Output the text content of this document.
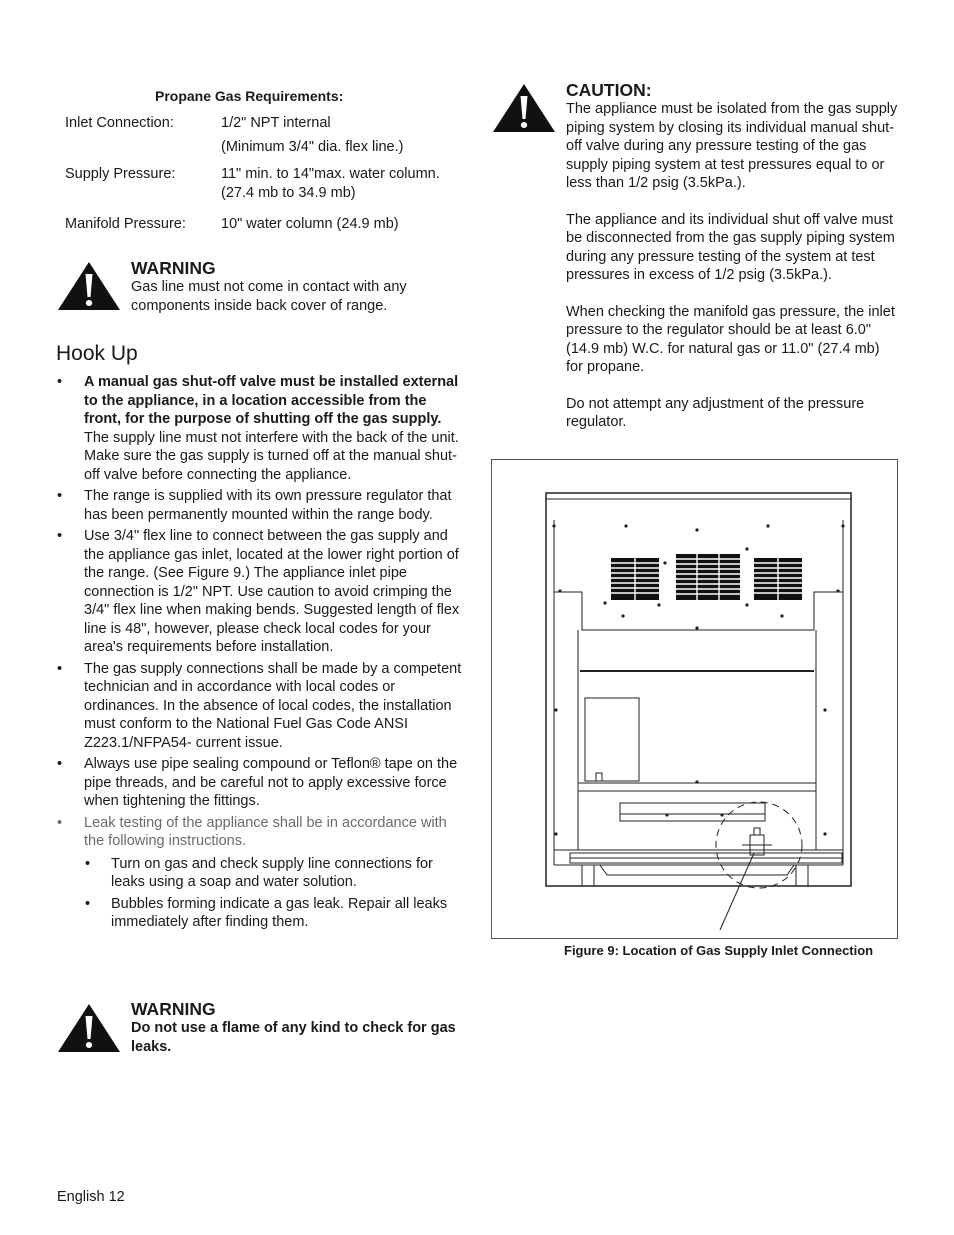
Propane Gas Requirements:

Inlet Connection:	1/2" NPT internal
(Minimum 3/4" dia. flex line.)

Supply Pressure:	11" min. to 14"max. water column.
(27.4 mb to 34.9 mb)

Manifold Pressure:	10" water column (24.9 mb)

WARNING

Gas line must not come in contact with any components inside back cover of range.

Hook Up
• A manual gas shut-off valve must be installed external to the appliance, in a location accessible from the front, for the purpose of shutting off the gas supply. The supply line must not interfere with the back of the unit. Make sure the gas supply is turned off at the manual shut-off valve before connecting the appliance.
• The range is supplied with its own pressure regulator that has been permanently mounted within the range body.
• Use 3/4" flex line to connect between the gas supply and the appliance gas inlet, located at the lower right portion of the range. (See Figure 9.) The appliance inlet pipe connection is 1/2" NPT. Use caution to avoid crimping the 3/4" flex line when making bends. Suggested length of flex line is 48", however, please check local codes for your area's requirements before installation.
• The gas supply connections shall be made by a competent technician and in accordance with local codes or ordinances. In the absence of local codes, the installation must conform to the National Fuel Gas Code ANSI Z223.1/NFPA54- current issue.
• Always use pipe sealing compound or Teflon® tape on the pipe threads, and be careful not to apply excessive force when tightening the fittings.
• Leak testing of the appliance shall be in accordance with the following instructions.
• Turn on gas and check supply line connections for leaks using a soap and water solution.
• Bubbles forming indicate a gas leak. Repair all leaks immediately after finding them.

WARNING

Do not use a flame of any kind to check for gas leaks.

CAUTION:

The appliance must be isolated from the gas supply piping system by closing its individual manual shut-off valve during any pressure testing of the gas supply piping system at test pressures equal to or less than 1/2 psig (3.5kPa.).

The appliance and its individual shut off valve must be disconnected from the gas supply piping system during any pressure testing of the system at test pressures in excess of 1/2 psig (3.5kPa.).

When checking the manifold gas pressure, the inlet pressure to the regulator should be at least 6.0" (14.9 mb) W.C. for natural gas or 11.0" (27.4 mb) for propane.

Do not attempt any adjustment of the pressure regulator.

Figure 9: Location of Gas Supply Inlet Connection

English 12
